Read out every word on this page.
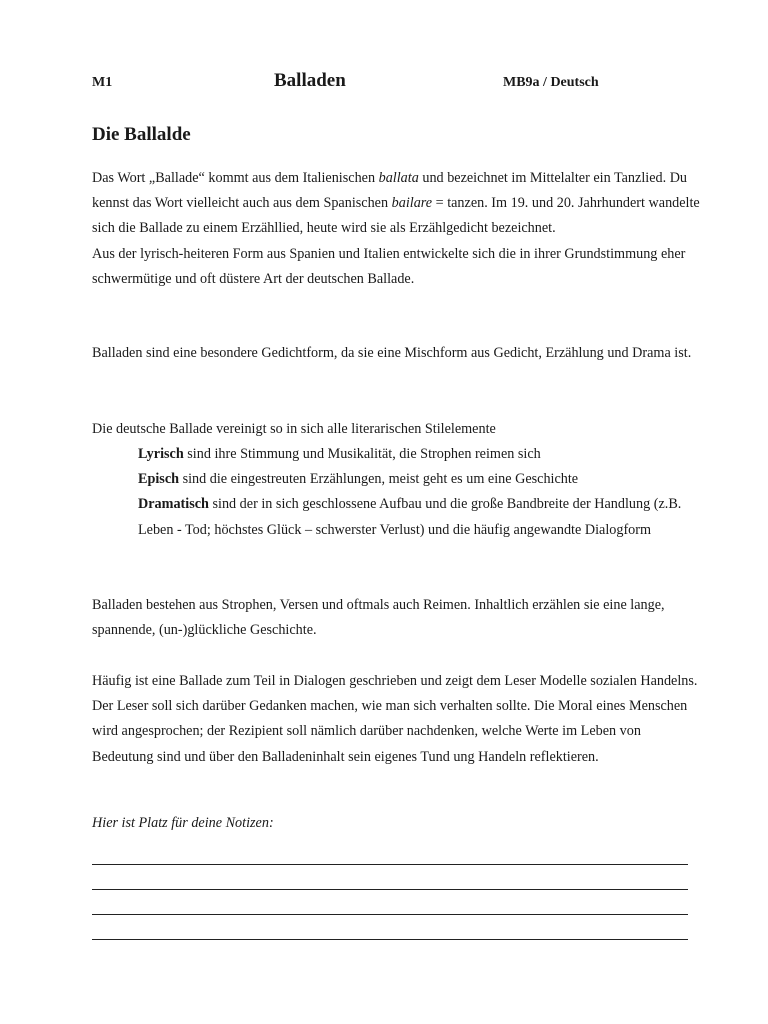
M1	Balladen	MB9a / Deutsch
Die Ballalde

Das Wort „Ballade“ kommt aus dem Italienischen ballata und bezeichnet im Mittelalter ein Tanzlied. Du kennst das Wort vielleicht auch aus dem Spanischen bailare = tanzen. Im 19. und 20. Jahrhundert wandelte sich die Ballade zu einem Erzähllied, heute wird sie als Erzählgedicht bezeichnet.
Aus der lyrisch-heiteren Form aus Spanien und Italien entwickelte sich die in ihrer Grundstimmung eher schwermütige und oft düstere Art der deutschen Ballade.

Balladen sind eine besondere Gedichtform, da sie eine Mischform aus Gedicht, Erzählung und Drama ist.

Die deutsche Ballade vereinigt so in sich alle literarischen Stilelemente

Lyrisch sind ihre Stimmung und Musikalität, die Strophen reimen sich

Episch sind die eingestreuten Erzählungen, meist geht es um eine Geschichte

Dramatisch sind der in sich geschlossene Aufbau und die große Bandbreite der Handlung (z.B. Leben - Tod; höchstes Glück – schwerster Verlust) und die häufig angewandte Dialogform

Balladen bestehen aus Strophen, Versen und oftmals auch Reimen. Inhaltlich erzählen sie eine lange, spannende, (un-)glückliche Geschichte.

Häufig ist eine Ballade zum Teil in Dialogen geschrieben und zeigt dem Leser Modelle sozialen Handelns. Der Leser soll sich darüber Gedanken machen, wie man sich verhalten sollte. Die Moral eines Menschen wird angesprochen; der Rezipient soll nämlich darüber nachdenken, welche Werte im Leben von Bedeutung sind und über den Balladeninhalt sein eigenes Tund ung Handeln reflektieren.

Hier ist Platz für deine Notizen:
